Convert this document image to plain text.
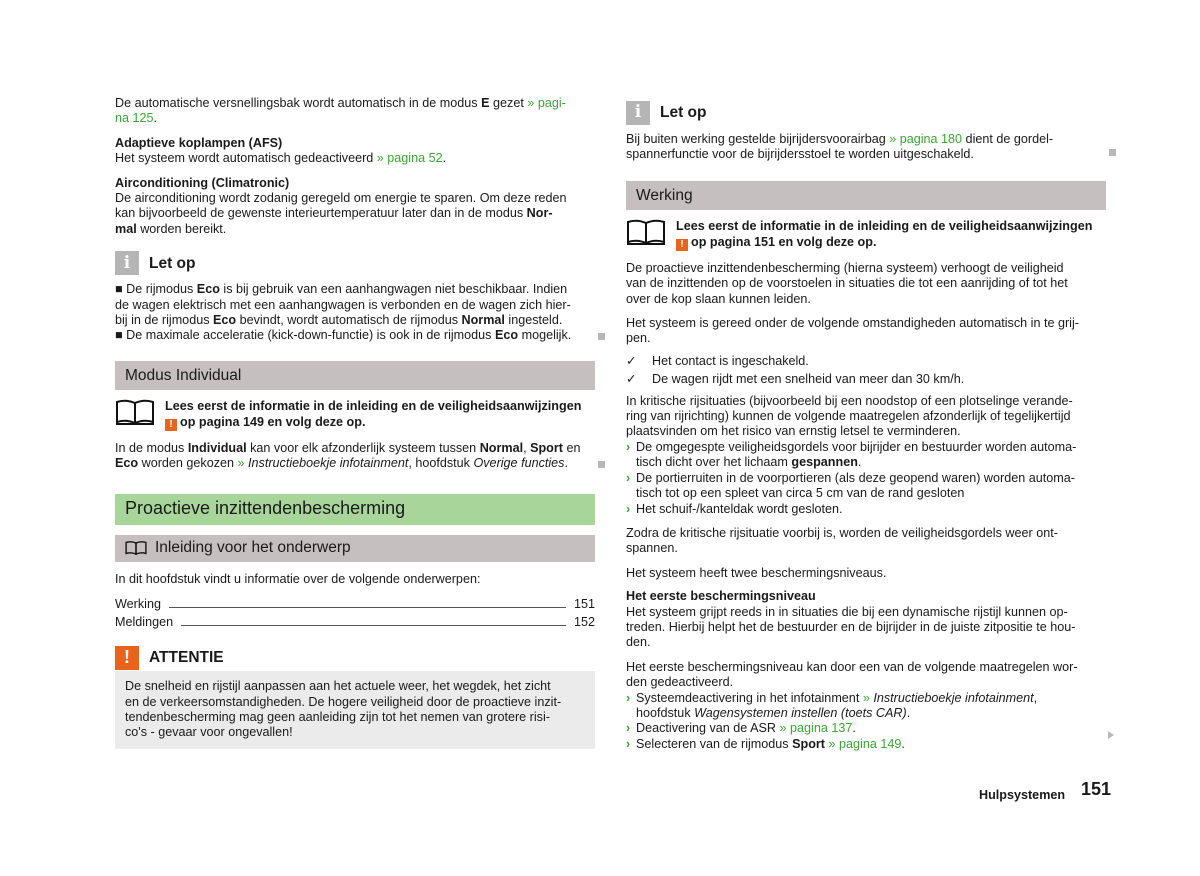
De automatische versnellingsbak wordt automatisch in de modus E gezet » pagi-
na 125.

Adaptieve koplampen (AFS)
Het systeem wordt automatisch gedeactiveerd » pagina 52.

Airconditioning (Climatronic)
De airconditioning wordt zodanig geregeld om energie te sparen. Om deze reden
kan bijvoorbeeld de gewenste interieurtemperatuur later dan in de modus Nor-
mal worden bereikt.

i	Let op

■ De rijmodus Eco is bij gebruik van een aanhangwagen niet beschikbaar. Indien
de wagen elektrisch met een aanhangwagen is verbonden en de wagen zich hier-
bij in de rijmodus Eco bevindt, wordt automatisch de rijmodus Normal ingesteld.
■ De maximale acceleratie (kick-down-functie) is ook in de rijmodus Eco mogelijk.

Modus Individual
Lees eerst de informatie in de inleiding en de veiligheidsaanwijzingen
! op pagina 149 en volg deze op.

In de modus Individual kan voor elk afzonderlijk systeem tussen Normal, Sport en
Eco worden gekozen » Instructieboekje infotainment, hoofdstuk Overige functies.

Proactieve inzittendenbescherming
Inleiding voor het onderwerp

In dit hoofdstuk vindt u informatie over de volgende onderwerpen:

Werking	151
Meldingen	152
!	ATTENTIE
De snelheid en rijstijl aanpassen aan het actuele weer, het wegdek, het zicht
en de verkeersomstandigheden. De hogere veiligheid door de proactieve inzit-
tendenbescherming mag geen aanleiding zijn tot het nemen van grotere risi-
co's - gevaar voor ongevallen!
i	Let op

Bij buiten werking gestelde bijrijdersvoorairbag » pagina 180 dient de gordel-
spannerfunctie voor de bijrijdersstoel te worden uitgeschakeld.

Werking
Lees eerst de informatie in de inleiding en de veiligheidsaanwijzingen
! op pagina 151 en volg deze op.

De proactieve inzittendenbescherming (hierna systeem) verhoogt de veiligheid
van de inzittenden op de voorstoelen in situaties die tot een aanrijding of tot het
over de kop slaan kunnen leiden.

Het systeem is gereed onder de volgende omstandigheden automatisch in te grij-
pen.

✓	Het contact is ingeschakeld.
✓	De wagen rijdt met een snelheid van meer dan 30 km/h.

In kritische rijsituaties (bijvoorbeeld bij een noodstop of een plotselinge verande-
ring van rijrichting) kunnen de volgende maatregelen afzonderlijk of tegelijkertijd
plaatsvinden om het risico van ernstig letsel te verminderen.

› De omgegespte veiligheidsgordels voor bijrijder en bestuurder worden automa-
tisch dicht over het lichaam gespannen.
› De portierruiten in de voorportieren (als deze geopend waren) worden automa-
tisch tot op een spleet van circa 5 cm van de rand gesloten
› Het schuif-/kanteldak wordt gesloten.

Zodra de kritische rijsituatie voorbij is, worden de veiligheidsgordels weer ont-
spannen.

Het systeem heeft twee beschermingsniveaus.

Het eerste beschermingsniveau
Het systeem grijpt reeds in in situaties die bij een dynamische rijstijl kunnen op-
treden. Hierbij helpt het de bestuurder en de bijrijder in de juiste zitpositie te hou-
den.

Het eerste beschermingsniveau kan door een van de volgende maatregelen wor-
den gedeactiveerd.

› Systeemdeactivering in het infotainment » Instructieboekje infotainment,
hoofdstuk Wagensystemen instellen (toets CAR).
› Deactivering van de ASR » pagina 137.
› Selecteren van de rijmodus Sport » pagina 149.
Hulpsystemen 151
